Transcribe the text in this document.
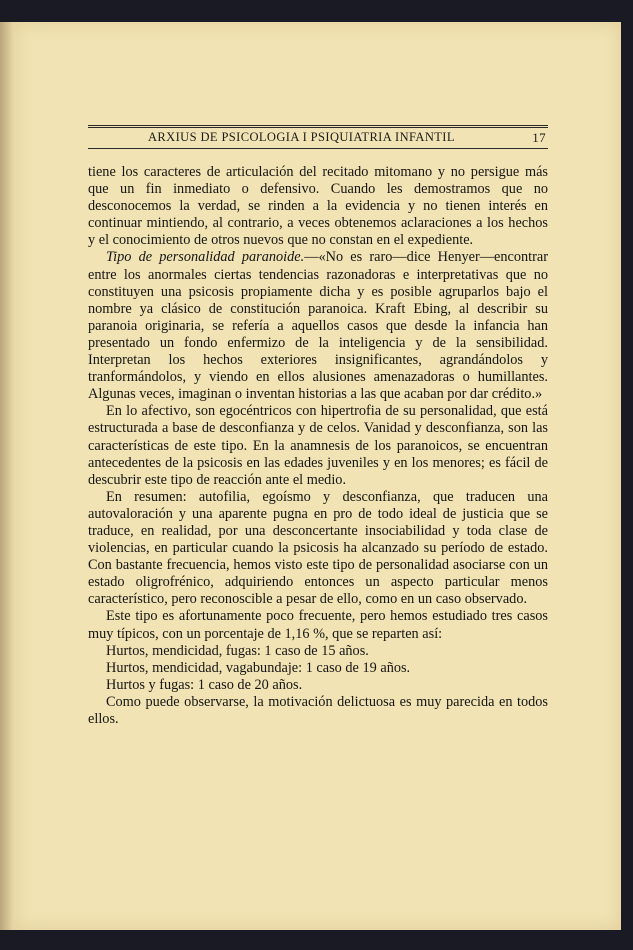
ARXIUS DE PSICOLOGIA I PSIQUIATRIA INFANTIL	17

tiene los caracteres de articulación del recitado mitomano y no persigue más que un fin inmediato o defensivo. Cuando les demostramos que no desconocemos la verdad, se rinden a la evidencia y no tienen interés en continuar mintiendo, al contrario, a veces obtenemos aclaraciones a los hechos y el conocimiento de otros nuevos que no constan en el expediente.

Tipo de personalidad paranoide.—«No es raro—dice Henyer—encontrar entre los anormales ciertas tendencias razonadoras e interpretativas que no constituyen una psicosis propiamente dicha y es posible agruparlos bajo el nombre ya clásico de constitución paranoica. Kraft Ebing, al describir su paranoia originaria, se refería a aquellos casos que desde la infancia han presentado un fondo enfermizo de la inteligencia y de la sensibilidad. Interpretan los hechos exteriores insignificantes, agrandándolos y tranformándolos, y viendo en ellos alusiones amenazadoras o humillantes. Algunas veces, imaginan o inventan historias a las que acaban por dar crédito.»

En lo afectivo, son egocéntricos con hipertrofia de su personalidad, que está estructurada a base de desconfianza y de celos. Vanidad y desconfianza, son las características de este tipo. En la anamnesis de los paranoicos, se encuentran antecedentes de la psicosis en las edades juveniles y en los menores; es fácil de descubrir este tipo de reacción ante el medio.

En resumen: autofilia, egoísmo y desconfianza, que traducen una autovaloración y una aparente pugna en pro de todo ideal de justicia que se traduce, en realidad, por una desconcertante insociabilidad y toda clase de violencias, en particular cuando la psicosis ha alcanzado su período de estado. Con bastante frecuencia, hemos visto este tipo de personalidad asociarse con un estado oligrofrénico, adquiriendo entonces un aspecto particular menos característico, pero reconoscible a pesar de ello, como en un caso observado.

Este tipo es afortunamente poco frecuente, pero hemos estudiado tres casos muy típicos, con un porcentaje de 1,16 %, que se reparten así:

Hurtos, mendicidad, fugas: 1 caso de 15 años.

Hurtos, mendicidad, vagabundaje: 1 caso de 19 años.

Hurtos y fugas: 1 caso de 20 años.

Como puede observarse, la motivación delictuosa es muy parecida en todos ellos.
